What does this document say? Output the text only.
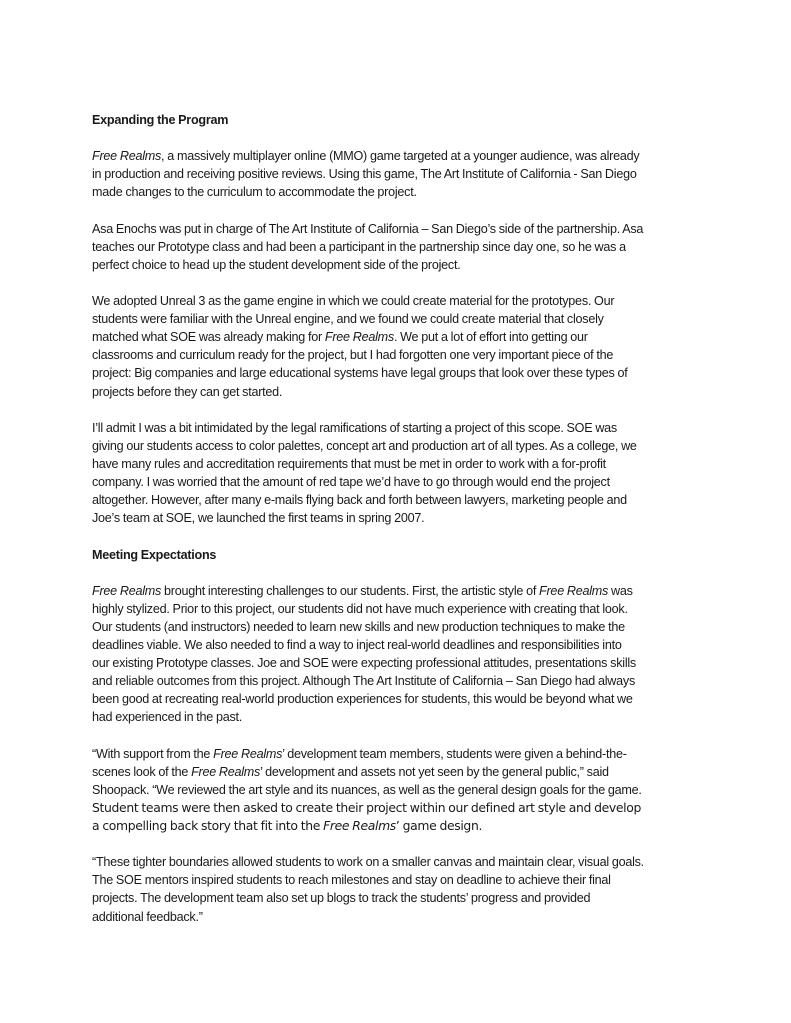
Expanding the Program

Free Realms, a massively multiplayer online (MMO) game targeted at a younger audience, was already
in production and receiving positive reviews. Using this game, The Art Institute of California - San Diego
made changes to the curriculum to accommodate the project.

Asa Enochs was put in charge of The Art Institute of California – San Diego’s side of the partnership. Asa
teaches our Prototype class and had been a participant in the partnership since day one, so he was a
perfect choice to head up the student development side of the project.

We adopted Unreal 3 as the game engine in which we could create material for the prototypes. Our
students were familiar with the Unreal engine, and we found we could create material that closely
matched what SOE was already making for Free Realms. We put a lot of effort into getting our
classrooms and curriculum ready for the project, but I had forgotten one very important piece of the
project: Big companies and large educational systems have legal groups that look over these types of
projects before they can get started.

I’ll admit I was a bit intimidated by the legal ramifications of starting a project of this scope. SOE was
giving our students access to color palettes, concept art and production art of all types. As a college, we
have many rules and accreditation requirements that must be met in order to work with a for-profit
company. I was worried that the amount of red tape we’d have to go through would end the project
altogether. However, after many e-mails flying back and forth between lawyers, marketing people and
Joe’s team at SOE, we launched the first teams in spring 2007.

Meeting Expectations

Free Realms brought interesting challenges to our students. First, the artistic style of Free Realms was
highly stylized. Prior to this project, our students did not have much experience with creating that look.
Our students (and instructors) needed to learn new skills and new production techniques to make the
deadlines viable. We also needed to find a way to inject real-world deadlines and responsibilities into
our existing Prototype classes. Joe and SOE were expecting professional attitudes, presentations skills
and reliable outcomes from this project. Although The Art Institute of California – San Diego had always
been good at recreating real-world production experiences for students, this would be beyond what we
had experienced in the past.

“With support from the Free Realms’ development team members, students were given a behind-the-
scenes look of the Free Realms’ development and assets not yet seen by the general public,” said
Shoopack. “We reviewed the art style and its nuances, as well as the general design goals for the game.
Student teams were then asked to create their project within our defined art style and develop
a compelling back story that fit into the Free Realms’ game design.

“These tighter boundaries allowed students to work on a smaller canvas and maintain clear, visual goals.
The SOE mentors inspired students to reach milestones and stay on deadline to achieve their final
projects. The development team also set up blogs to track the students’ progress and provided
additional feedback.”
